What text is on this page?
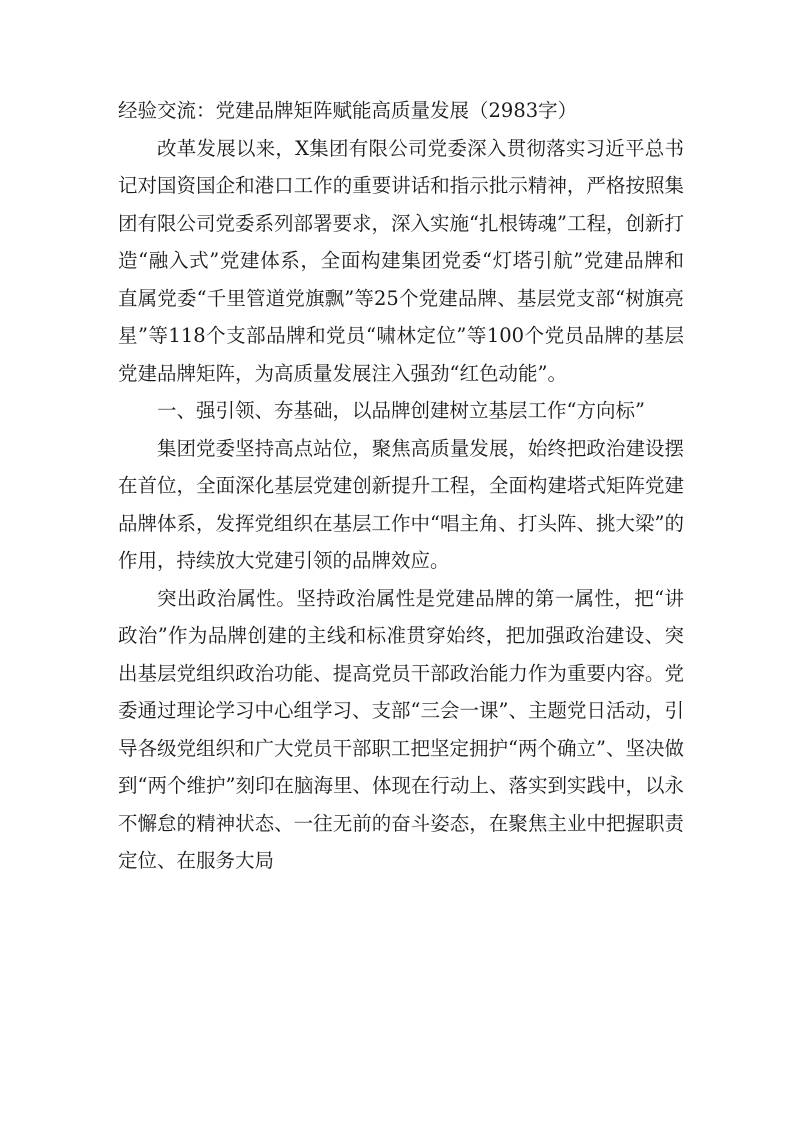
经验交流：党建品牌矩阵赋能高质量发展（2983字）

改革发展以来，X集团有限公司党委深入贯彻落实习近平总书记对国资国企和港口工作的重要讲话和指示批示精神，严格按照集团有限公司党委系列部署要求，深入实施“扎根铸魂”工程，创新打造“融入式”党建体系，全面构建集团党委“灯塔引航”党建品牌和直属党委“千里管道党旗飘”等25个党建品牌、基层党支部“树旗亮星”等118个支部品牌和党员“啸林定位”等100个党员品牌的基层党建品牌矩阵，为高质量发展注入强劲“红色动能”。

一、强引领、夯基础，以品牌创建树立基层工作“方向标”

集团党委坚持高点站位，聚焦高质量发展，始终把政治建设摆在首位，全面深化基层党建创新提升工程，全面构建塔式矩阵党建品牌体系，发挥党组织在基层工作中“唱主角、打头阵、挑大梁”的作用，持续放大党建引领的品牌效应。

突出政治属性。坚持政治属性是党建品牌的第一属性，把“讲政治”作为品牌创建的主线和标准贯穿始终，把加强政治建设、突出基层党组织政治功能、提高党员干部政治能力作为重要内容。党委通过理论学习中心组学习、支部“三会一课”、主题党日活动，引导各级党组织和广大党员干部职工把坚定拥护“两个确立”、坚决做到“两个维护”刻印在脑海里、体现在行动上、落实到实践中，以永不懈怠的精神状态、一往无前的奋斗姿态，在聚焦主业中把握职责定位、在服务大局
